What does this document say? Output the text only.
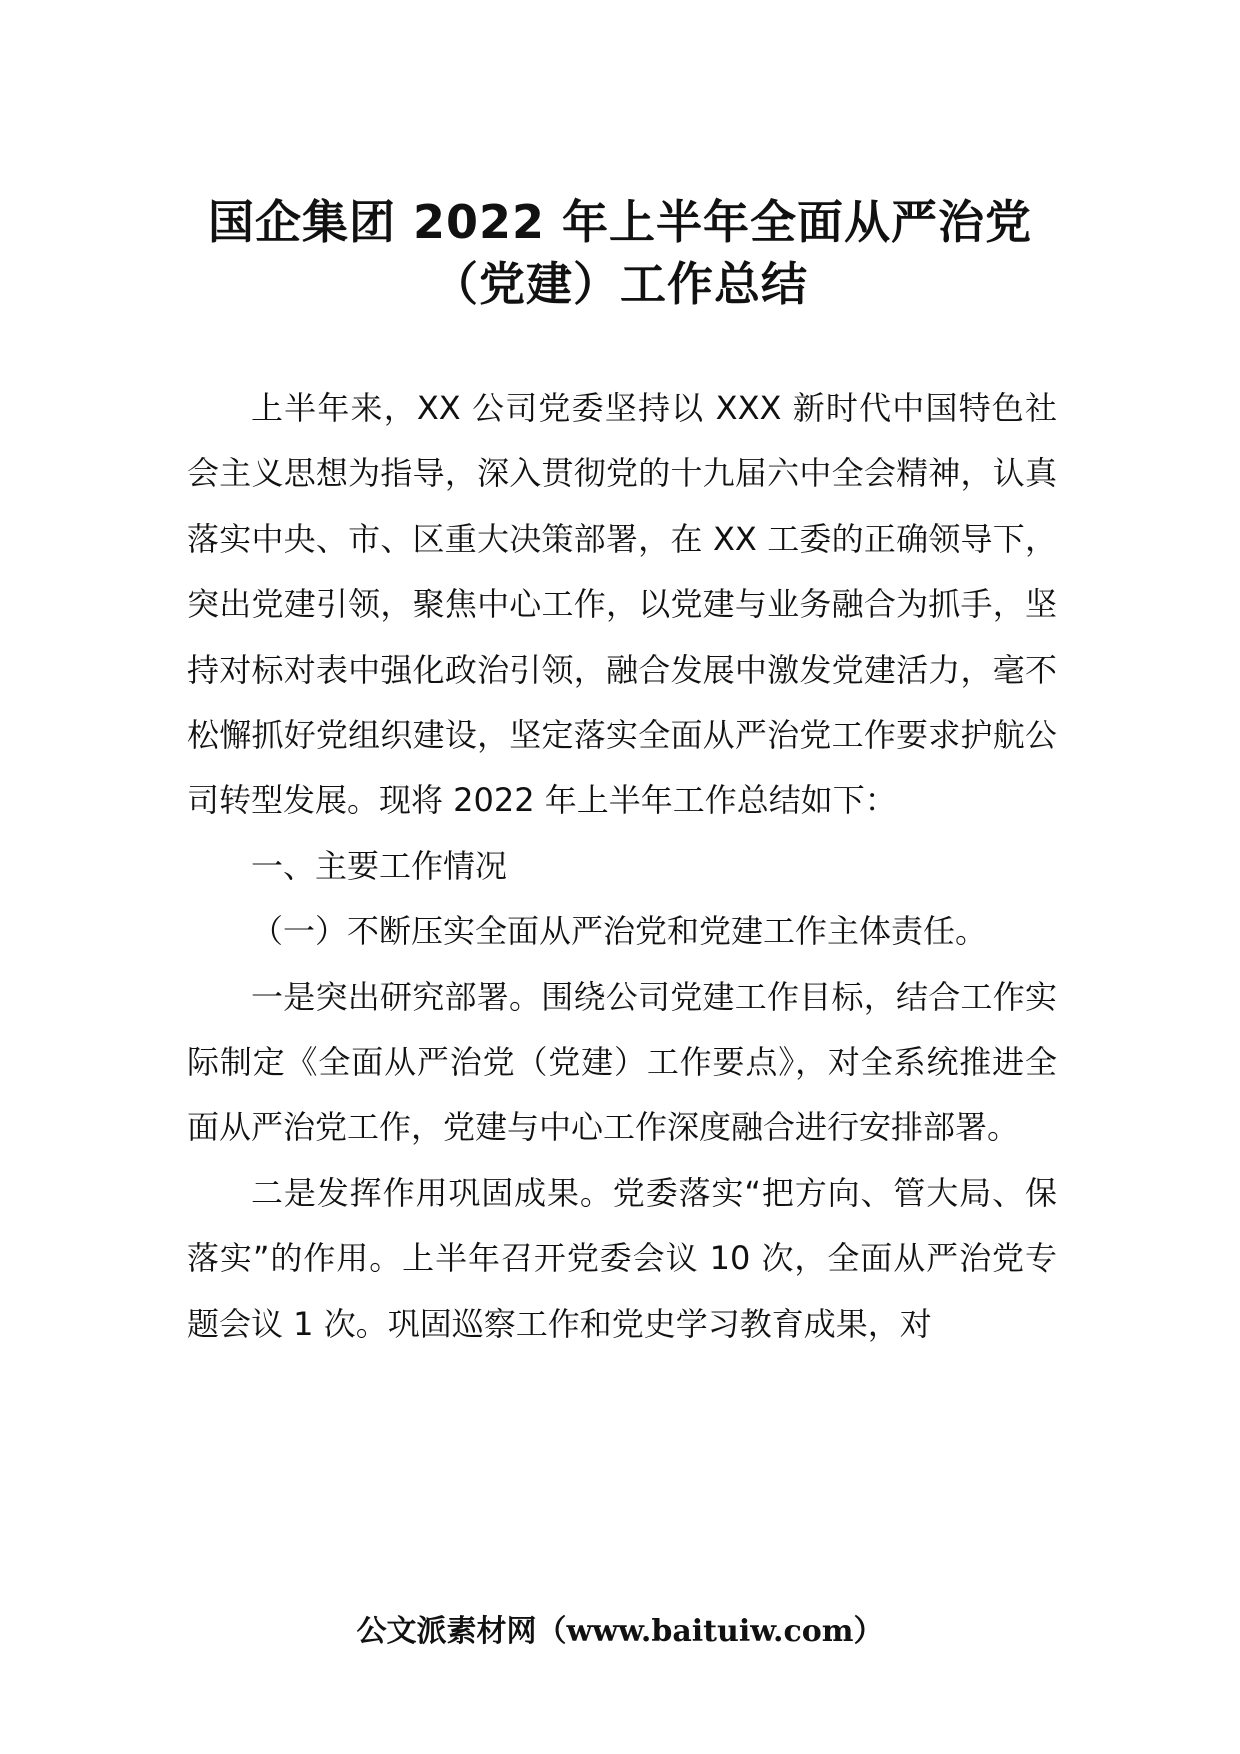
国企集团 2022 年上半年全面从严治党
（党建）工作总结

上半年来，XX 公司党委坚持以 XXX 新时代中国特色社会主义思想为指导，深入贯彻党的十九届六中全会精神，认真落实中央、市、区重大决策部署，在 XX 工委的正确领导下，突出党建引领，聚焦中心工作，以党建与业务融合为抓手，坚持对标对表中强化政治引领，融合发展中激发党建活力，毫不松懈抓好党组织建设，坚定落实全面从严治党工作要求护航公司转型发展。现将 2022 年上半年工作总结如下：

一、主要工作情况

（一）不断压实全面从严治党和党建工作主体责任。

一是突出研究部署。围绕公司党建工作目标，结合工作实际制定《全面从严治党（党建）工作要点》，对全系统推进全面从严治党工作，党建与中心工作深度融合进行安排部署。

二是发挥作用巩固成果。党委落实“把方向、管大局、保落实”的作用。上半年召开党委会议 10 次，全面从严治党专题会议 1 次。巩固巡察工作和党史学习教育成果，对

公文派素材网（www.baituiw.com）
